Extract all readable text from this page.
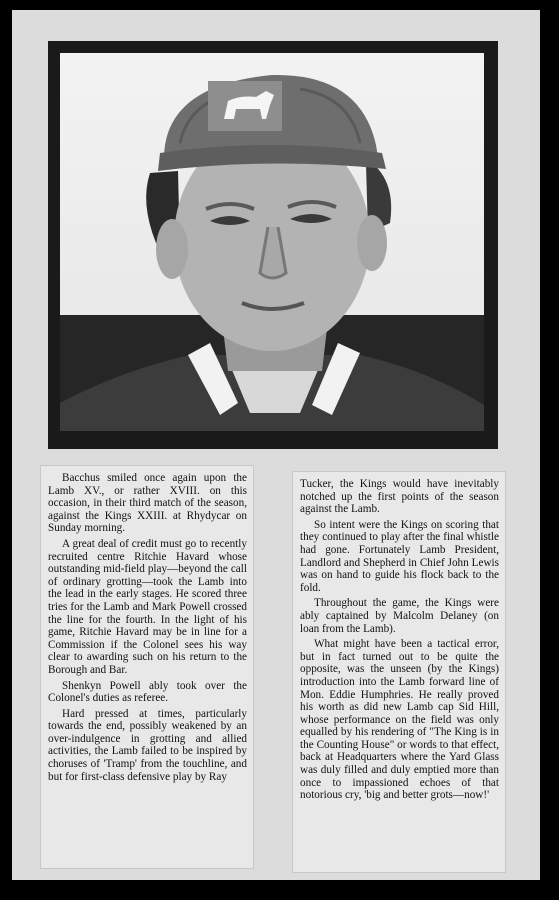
Bacchus smiled once again upon the Lamb XV., or rather XVIII. on this occasion, in their third match of the season, against the Kings XXIII. at Rhydycar on Sunday morning.

A great deal of credit must go to recently recruited centre Ritchie Havard whose outstanding mid-field play—beyond the call of ordinary grotting—took the Lamb into the lead in the early stages. He scored three tries for the Lamb and Mark Powell crossed the line for the fourth. In the light of his game, Ritchie Havard may be in line for a Commission if the Colonel sees his way clear to awarding such on his return to the Borough and Bar.

Shenkyn Powell ably took over the Colonel's duties as referee.

Hard pressed at times, particularly towards the end, possibly weakened by an over-indulgence in grotting and allied activities, the Lamb failed to be inspired by choruses of 'Tramp' from the touchline, and but for first-class defensive play by Ray

Tucker, the Kings would have inevitably notched up the first points of the season against the Lamb.

So intent were the Kings on scoring that they continued to play after the final whistle had gone. Fortunately Lamb President, Landlord and Shepherd in Chief John Lewis was on hand to guide his flock back to the fold.

Throughout the game, the Kings were ably captained by Malcolm Delaney (on loan from the Lamb).

What might have been a tactical error, but in fact turned out to be quite the opposite, was the unseen (by the Kings) introduction into the Lamb forward line of Mon. Eddie Humphries. He really proved his worth as did new Lamb cap Sid Hill, whose performance on the field was only equalled by his rendering of "The King is in the Counting House" or words to that effect, back at Headquarters where the Yard Glass was duly filled and duly emptied more than once to impassioned echoes of that notorious cry, 'big and better grots—now!'
